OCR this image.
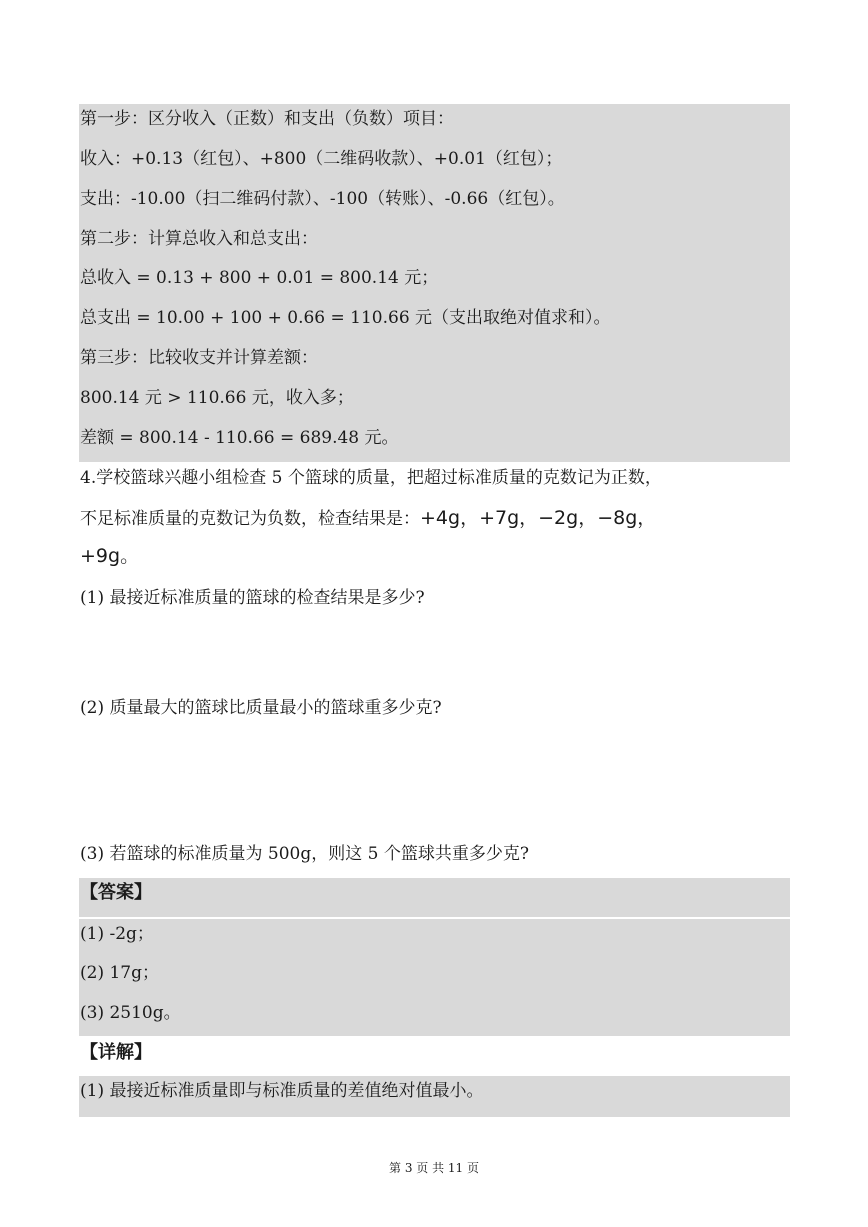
第一步：区分收入（正数）和支出（负数）项目：
收入：+0.13（红包）、+800（二维码收款）、+0.01（红包）；
支出：-10.00（扫二维码付款）、-100（转账）、-0.66（红包）。
第二步：计算总收入和总支出：
总收入 = 0.13 + 800 + 0.01 = 800.14 元；
总支出 = 10.00 + 100 + 0.66 = 110.66 元（支出取绝对值求和）。
第三步：比较收支并计算差额：
800.14 元 > 110.66 元，收入多；
差额 = 800.14 - 110.66 = 689.48 元。
4.学校篮球兴趣小组检查 5 个篮球的质量，把超过标准质量的克数记为正数，
不足标准质量的克数记为负数，检查结果是：+4g，+7g，−2g，−8g，
+9g。
(1) 最接近标准质量的篮球的检查结果是多少?
(2) 质量最大的篮球比质量最小的篮球重多少克?
(3) 若篮球的标准质量为 500g，则这 5 个篮球共重多少克?
【答案】
(1) -2g；
(2) 17g；
(3) 2510g。
【详解】
(1) 最接近标准质量即与标准质量的差值绝对值最小。
第 3 页 共 11 页
